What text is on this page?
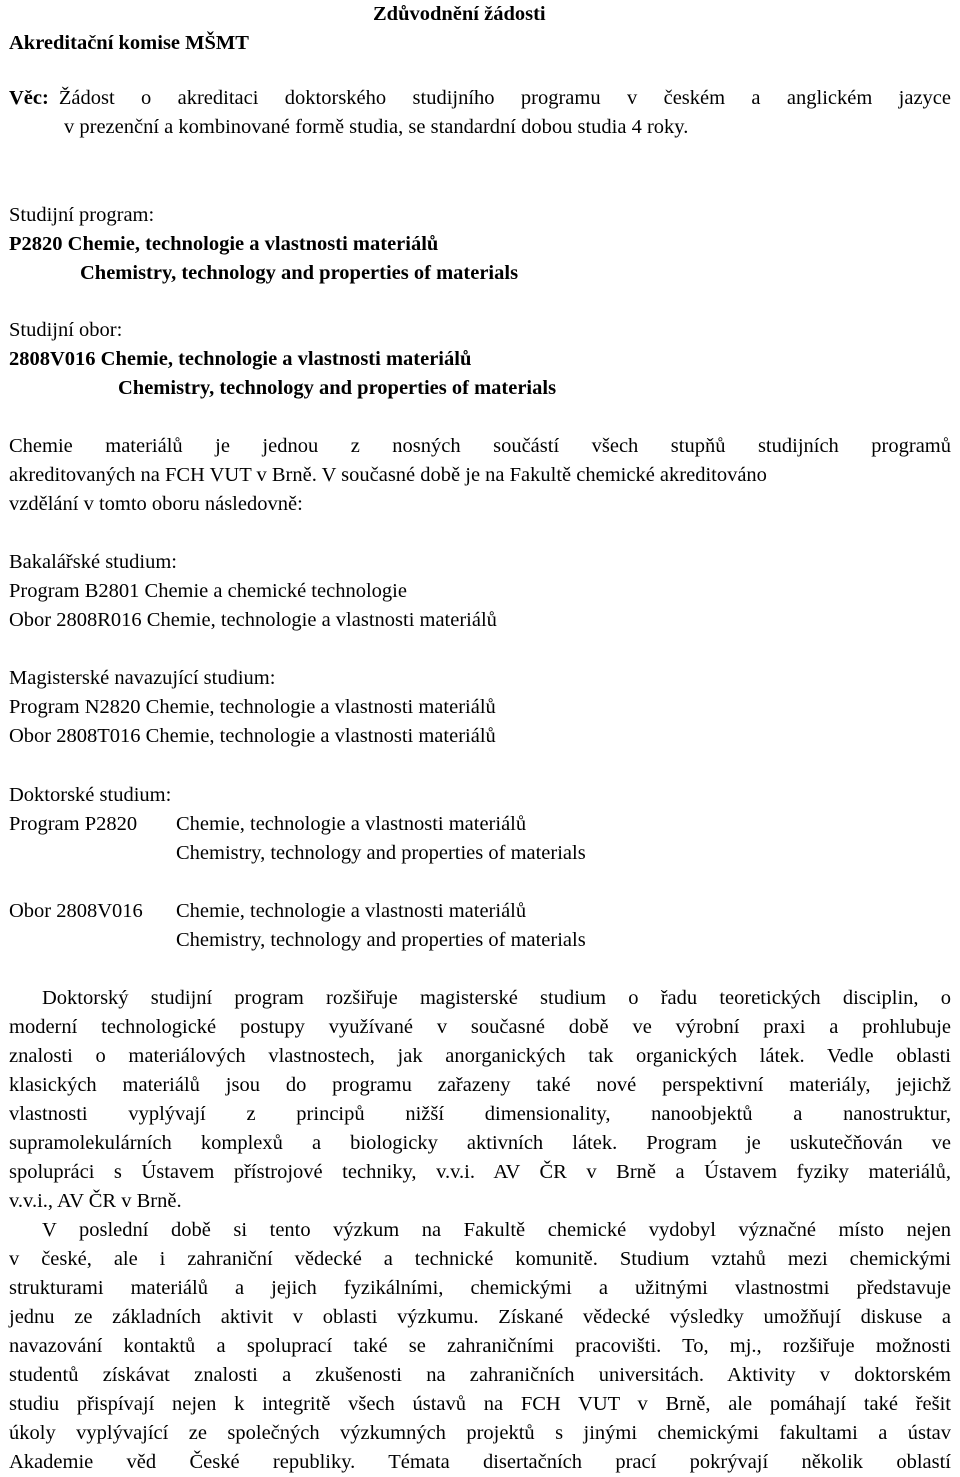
Akreditační komise MŠMT
Zdůvodnění žádosti
Věc: Žádost o akreditaci doktorského studijního programu v českém a anglickém jazyce
v prezenční a kombinované formě studia, se standardní dobou studia 4 roky.
Studijní program:
P2820 Chemie, technologie a vlastnosti materiálů
Chemistry, technology and properties of materials
Studijní obor:
2808V016 Chemie, technologie a vlastnosti materiálů
Chemistry, technology and properties of materials
Chemie materiálů je jednou z nosných součástí všech stupňů studijních programů
akreditovaných na FCH VUT v Brně. V současné době je na Fakultě chemické akreditováno
vzdělání v tomto oboru následovně:
Bakalářské studium:
Program B2801 Chemie a chemické technologie
Obor 2808R016 Chemie, technologie a vlastnosti materiálů
Magisterské navazující studium:
Program N2820 Chemie, technologie a vlastnosti materiálů
Obor 2808T016 Chemie, technologie a vlastnosti materiálů
Doktorské studium:
Program P2820 Chemie, technologie a vlastnosti materiálů
Chemistry, technology and properties of materials
Obor 2808V016 Chemie, technologie a vlastnosti materiálů
Chemistry, technology and properties of materials
Doktorský studijní program rozšiřuje magisterské studium o řadu teoretických disciplin, o
moderní technologické postupy využívané v současné době ve výrobní praxi a prohlubuje
znalosti o materiálových vlastnostech, jak anorganických tak organických látek. Vedle oblasti
klasických materiálů jsou do programu zařazeny také nové perspektivní materiály, jejichž
vlastnosti vyplývají z principů nižší dimensionality, nanoobjektů a nanostruktur,
supramolekulárních komplexů a biologicky aktivních látek. Program je uskutečňován ve
spolupráci s Ústavem přístrojové techniky, v.v.i. AV ČR v Brně a Ústavem fyziky materiálů,
v.v.i., AV ČR v Brně.
V poslední době si tento výzkum na Fakultě chemické vydobyl význačné místo nejen
v české, ale i zahraniční vědecké a technické komunitě. Studium vztahů mezi chemickými
strukturami materiálů a jejich fyzikálními, chemickými a užitnými vlastnostmi představuje
jednu ze základních aktivit v oblasti výzkumu. Získané vědecké výsledky umožňují diskuse a
navazování kontaktů a spoluprací také se zahraničními pracovišti. To, mj., rozšiřuje možnosti
studentů získávat znalosti a zkušenosti na zahraničních universitách. Aktivity v doktorském
studiu přispívají nejen k integritě všech ústavů na FCH VUT v Brně, ale pomáhají také řešit
úkoly vyplývající ze společných výzkumných projektů s jinými chemickými fakultami a ústav
Akademie věd České republiky. Témata disertačních prací pokrývají několik oblastí
